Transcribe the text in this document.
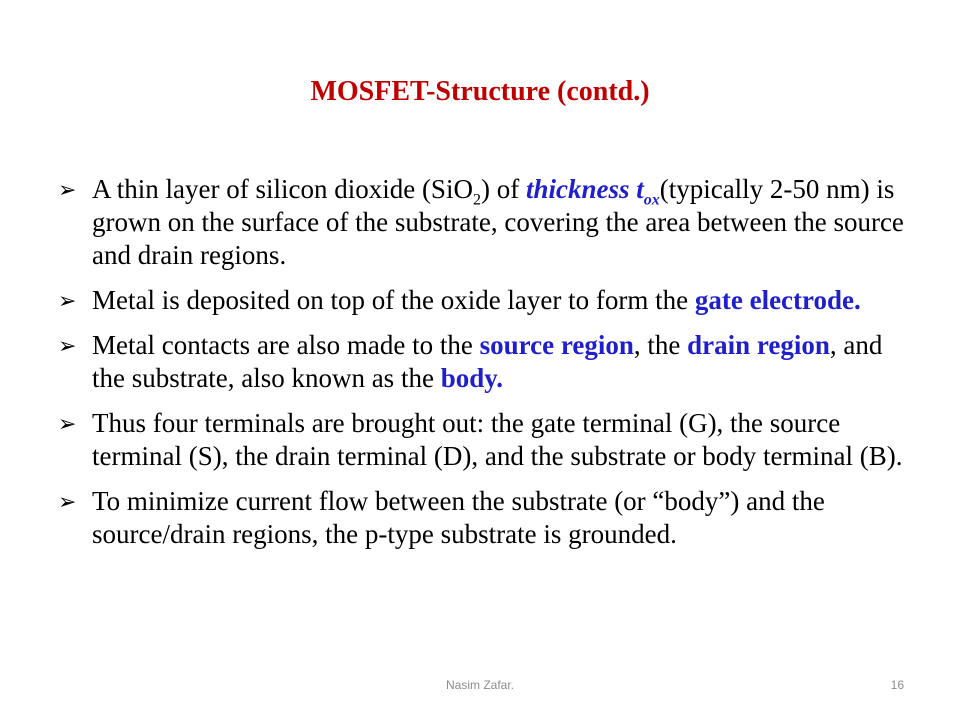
MOSFET-Structure (contd.)
➢ A thin layer of silicon dioxide (SiO$_2$) of thickness $t_{ox}(typically$ 2-50 nm) is grown on the surface of the substrate, covering the area between the source and drain regions.
➢ Metal is deposited on top of the oxide layer to form the gate electrode.
➢ Metal contacts are also made to the source region, the drain region, and the substrate, also known as the body.
➢ Thus four terminals are brought out: the gate terminal (G), the source terminal (S), the drain terminal (D), and the substrate or body terminal (B).
➢ To minimize current flow between the substrate (or “body”) and the source/drain regions, the p-type substrate is grounded.
Nasim Zafar.	16
